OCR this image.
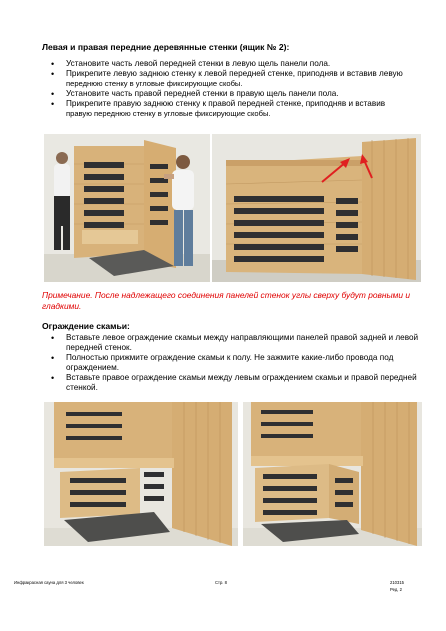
Левая и правая передние деревянные стенки (ящик № 2):
• Установите часть левой передней стенки в левую щель панели пола.
• Прикрепите левую заднюю стенку к левой передней стенке, приподняв и вставив левую
переднюю стенку в угловые фиксирующие скобы.
• Установите часть правой передней стенки в правую щель панели пола.
• Прикрепите правую заднюю стенку к правой передней стенке, приподняв и вставив
правую переднюю стенку в угловые фиксирующие скобы.
Примечание. После надлежащего соединения панелей стенок углы сверху будут ровными и гладкими.
Ограждение скамьи:
• Вставьте левое ограждение скамьи между направляющими панелей правой задней и левой передней стенок.
• Полностью прижмите ограждение скамьи к полу. Не зажмите какие-либо провода под ограждением.
• Вставьте правое ограждение скамьи между левым ограждением скамьи и правой передней стенкой.
Инфракрасная сауна для 3 человек	Стр. 8	210315
Ред. 2
